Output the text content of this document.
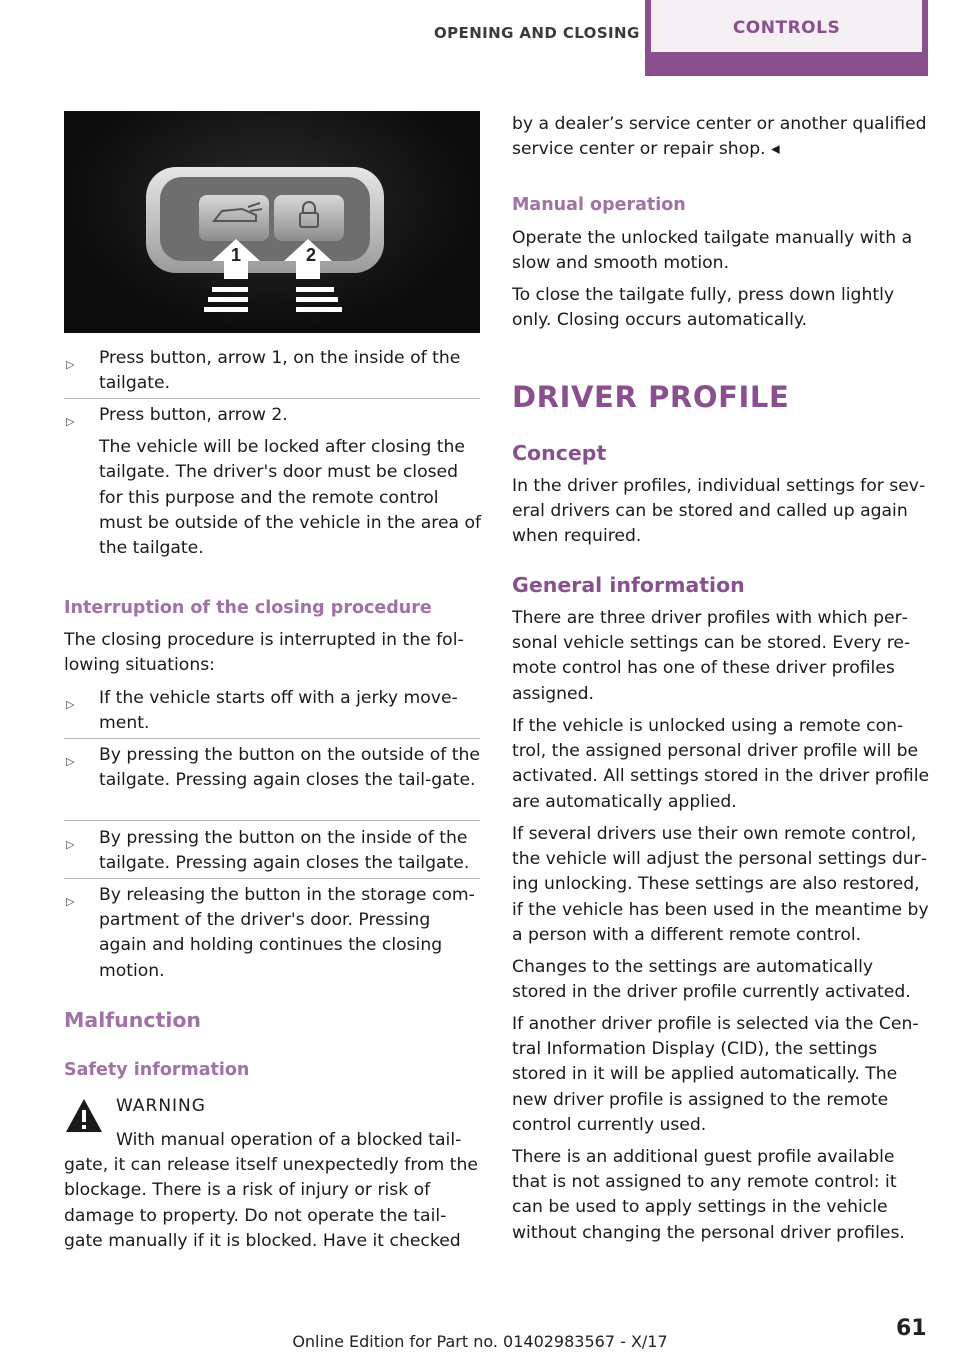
OPENING AND CLOSING	CONTROLS
1	2
▷ Press button, arrow 1, on the inside of the tailgate.
▷ Press button, arrow 2.
The vehicle will be locked after closing the tailgate. The driver's door must be closed for this purpose and the remote control must be outside of the vehicle in the area of the tailgate.
Interruption of the closing procedure

The closing procedure is interrupted in the fol‐lowing situations:

▷ If the vehicle starts off with a jerky move‐ment.
▷ By pressing the button on the outside of the tailgate. Pressing again closes the tail‐gate.
▷ By pressing the button on the inside of the tailgate. Pressing again closes the tailgate.
▷ By releasing the button in the storage com‐partment of the driver's door. Pressing again and holding continues the closing motion.
Malfunction
Safety information
WARNING

With manual operation of a blocked tail‐gate, it can release itself unexpectedly from the blockage. There is a risk of injury or risk of damage to property. Do not operate the tail‐gate manually if it is blocked. Have it checked

by a dealer’s service center or another qualified service center or repair shop. ◂

Manual operation

Operate the unlocked tailgate manually with a slow and smooth motion.

To close the tailgate fully, press down lightly only. Closing occurs automatically.

DRIVER PROFILE
Concept

In the driver profiles, individual settings for sev‐eral drivers can be stored and called up again when required.

General information

There are three driver profiles with which per‐sonal vehicle settings can be stored. Every re‐mote control has one of these driver profiles assigned.

If the vehicle is unlocked using a remote con‐trol, the assigned personal driver profile will be activated. All settings stored in the driver profile are automatically applied.

If several drivers use their own remote control, the vehicle will adjust the personal settings dur‐ing unlocking. These settings are also restored, if the vehicle has been used in the meantime by a person with a different remote control.

Changes to the settings are automatically stored in the driver profile currently activated.

If another driver profile is selected via the Cen‐tral Information Display (CID), the settings stored in it will be applied automatically. The new driver profile is assigned to the remote control currently used.

There is an additional guest profile available that is not assigned to any remote control: it can be used to apply settings in the vehicle without changing the personal driver profiles.

61
Online Edition for Part no. 01402983567 - X/17
